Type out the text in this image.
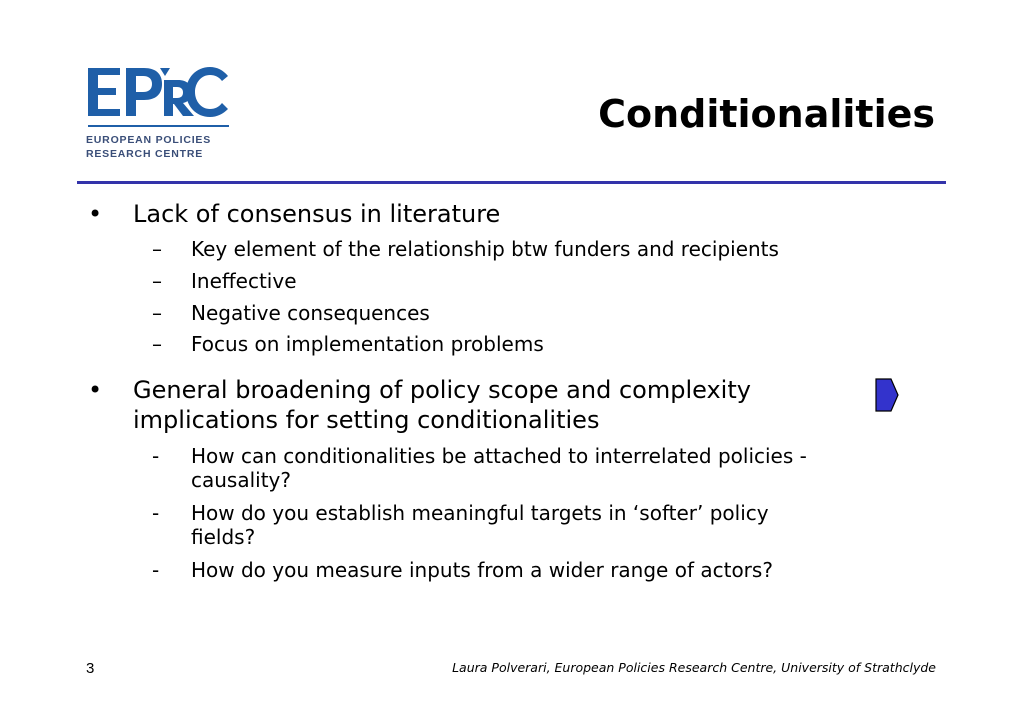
EUROPEAN POLICIES
RESEARCH CENTRE
Conditionalities
• Lack of consensus in literature
– Key element of the relationship btw funders and recipients
– Ineffective
– Negative consequences
– Focus on implementation problems
• General broadening of policy scope and complexity
implications for setting conditionalities
- How can conditionalities be attached to interrelated policies -
causality?
- How do you establish meaningful targets in ‘softer’ policy
fields?
- How do you measure inputs from a wider range of actors?
3	Laura Polverari, European Policies Research Centre, University of Strathclyde
